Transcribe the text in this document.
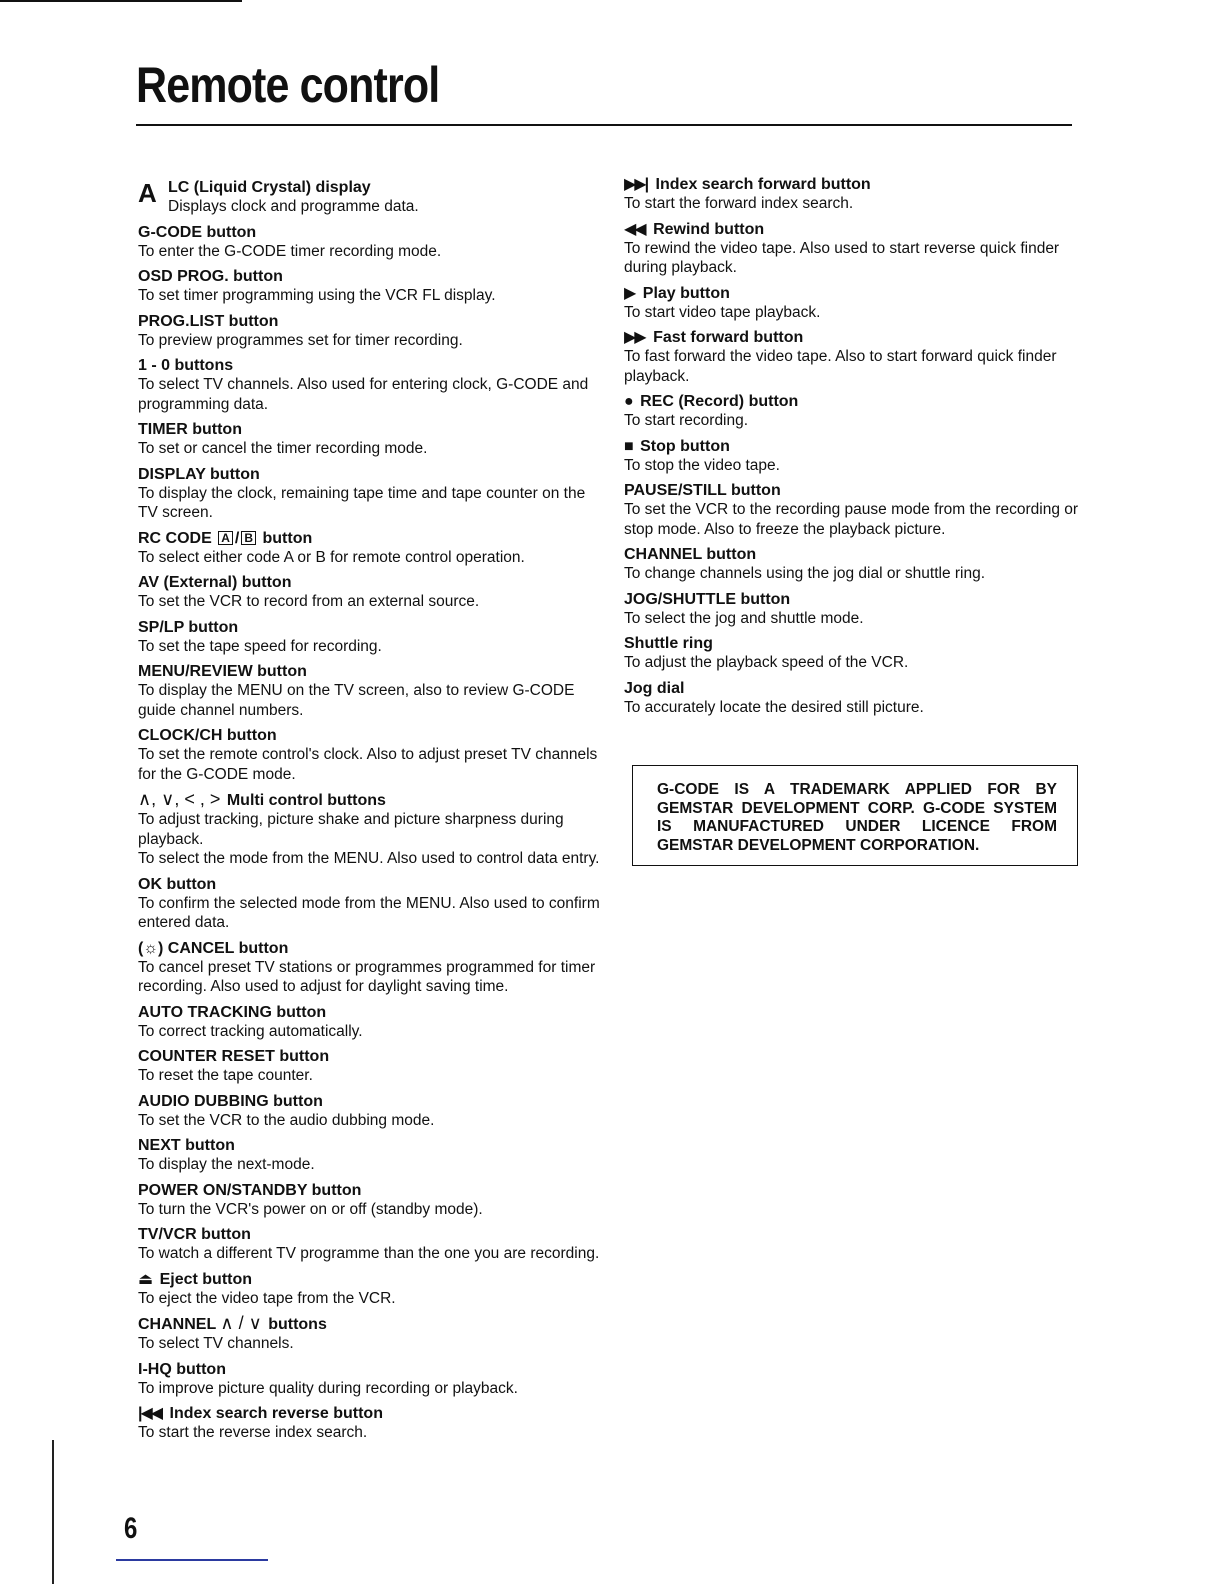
Remote control
A LC (Liquid Crystal) display
Displays clock and programme data.
G-CODE button
To enter the G-CODE timer recording mode.
OSD PROG. button
To set timer programming using the VCR FL display.
PROG.LIST button
To preview programmes set for timer recording.
1 - 0 buttons
To select TV channels. Also used for entering clock, G-CODE and programming data.
TIMER button
To set or cancel the timer recording mode.
DISPLAY button
To display the clock, remaining tape time and tape counter on the TV screen.
RC CODE A / B button
To select either code A or B for remote control operation.
AV (External) button
To set the VCR to record from an external source.
SP/LP button
To set the tape speed for recording.
MENU/REVIEW button
To display the MENU on the TV screen, also to review G-CODE guide channel numbers.
CLOCK/CH button
To set the remote control's clock. Also to adjust preset TV channels for the G-CODE mode.
∧, ∨, < , > Multi control buttons

To adjust tracking, picture shake and picture sharpness during playback.

To select the mode from the MENU. Also used to control data entry.

OK button
To confirm the selected mode from the MENU. Also used to confirm entered data.
(☼) CANCEL button
To cancel preset TV stations or programmes programmed for timer recording. Also used to adjust for daylight saving time.
AUTO TRACKING button
To correct tracking automatically.
COUNTER RESET button
To reset the tape counter.
AUDIO DUBBING button
To set the VCR to the audio dubbing mode.
NEXT button
To display the next-mode.
POWER ON/STANDBY button
To turn the VCR's power on or off (standby mode).
TV/VCR button
To watch a different TV programme than the one you are recording.
⏏ Eject button
To eject the video tape from the VCR.
CHANNEL ∧ / ∨ buttons
To select TV channels.
I-HQ button
To improve picture quality during recording or playback.
|◀◀ Index search reverse button
To start the reverse index search.
▶▶| Index search forward button
To start the forward index search.
◀◀ Rewind button
To rewind the video tape. Also used to start reverse quick finder during playback.
▶ Play button
To start video tape playback.
▶▶ Fast forward button
To fast forward the video tape. Also to start forward quick finder playback.
● REC (Record) button
To start recording.
■ Stop button
To stop the video tape.
PAUSE/STILL button
To set the VCR to the recording pause mode from the recording or stop mode. Also to freeze the playback picture.
CHANNEL button
To change channels using the jog dial or shuttle ring.
JOG/SHUTTLE button
To select the jog and shuttle mode.
Shuttle ring
To adjust the playback speed of the VCR.
Jog dial
To accurately locate the desired still picture.
G-CODE IS A TRADEMARK APPLIED FOR BY GEMSTAR DEVELOPMENT CORP. G-CODE SYSTEM IS MANUFACTURED UNDER LICENCE FROM GEMSTAR DEVELOPMENT CORPORATION.
6
